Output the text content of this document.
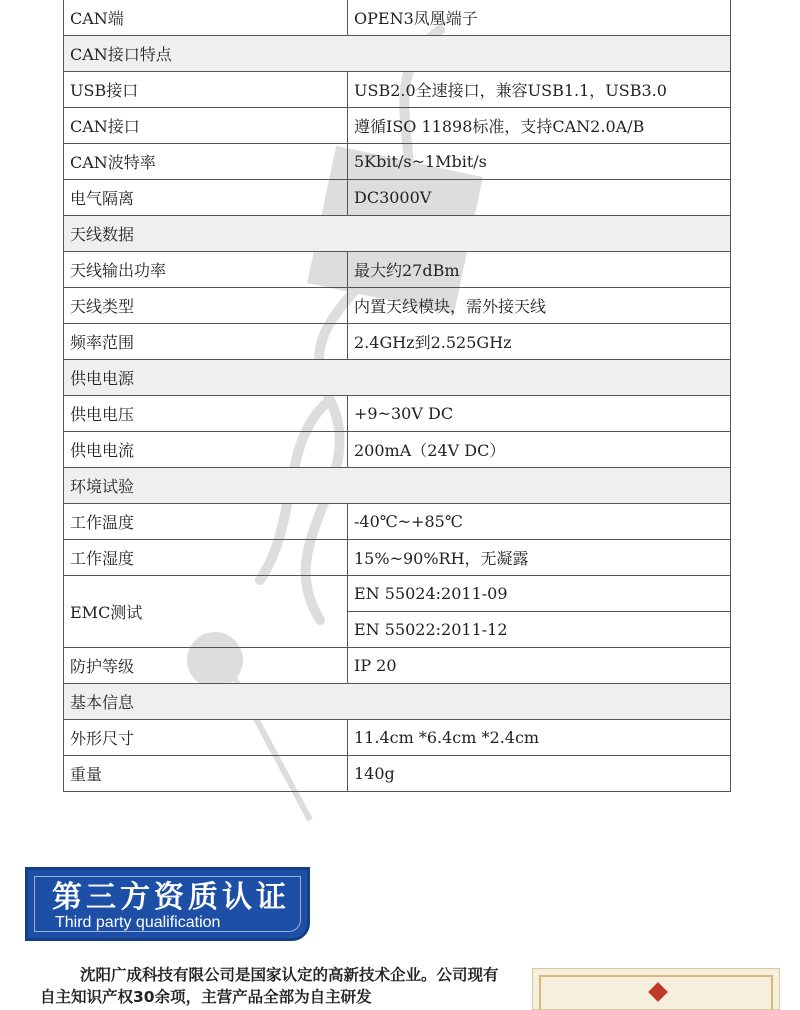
CAN端	OPEN3凤凰端子
CAN接口特点	
USB接口	USB2.0全速接口，兼容USB1.1，USB3.0
CAN接口	遵循ISO 11898标准，支持CAN2.0A/B
CAN波特率	5Kbit/s~1Mbit/s
电气隔离	DC3000V
天线数据	
天线输出功率	最大约27dBm
天线类型	内置天线模块，需外接天线
频率范围	2.4GHz到2.525GHz
供电电源	
供电电压	+9~30V DC
供电电流	200mA（24V DC）
环境试验	
工作温度	-40℃~+85℃
工作湿度	15%~90%RH，无凝露
EMC测试	EN 55024:2011-09
	EN 55022:2011-12
防护等级	IP 20
基本信息	
外形尺寸	11.4cm *6.4cm *2.4cm
重量	140g
第三方资质认证
Third party qualification
沈阳广成科技有限公司是国家认定的高新技术企业。公司现有自主知识产权30余项，主营产品全部为自主研发
